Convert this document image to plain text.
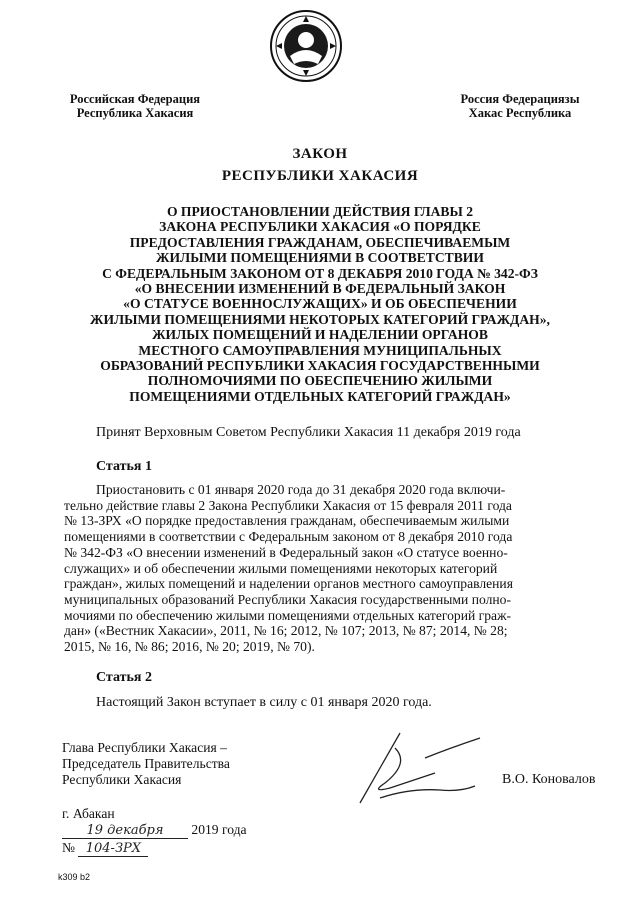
Российская Федерация
Республика Хакасия
Россия Федерациязы
Хакас Республика
ЗАКОН
РЕСПУБЛИКИ ХАКАСИЯ
О ПРИОСТАНОВЛЕНИИ ДЕЙСТВИЯ ГЛАВЫ 2
ЗАКОНА РЕСПУБЛИКИ ХАКАСИЯ «О ПОРЯДКЕ
ПРЕДОСТАВЛЕНИЯ ГРАЖДАНАМ, ОБЕСПЕЧИВАЕМЫМ
ЖИЛЫМИ ПОМЕЩЕНИЯМИ В СООТВЕТСТВИИ
С ФЕДЕРАЛЬНЫМ ЗАКОНОМ ОТ 8 ДЕКАБРЯ 2010 ГОДА № 342-ФЗ
«О ВНЕСЕНИИ ИЗМЕНЕНИЙ В ФЕДЕРАЛЬНЫЙ ЗАКОН
«О СТАТУСЕ ВОЕННОСЛУЖАЩИХ» И ОБ ОБЕСПЕЧЕНИИ
ЖИЛЫМИ ПОМЕЩЕНИЯМИ НЕКОТОРЫХ КАТЕГОРИЙ ГРАЖДАН»,
ЖИЛЫХ ПОМЕЩЕНИЙ И НАДЕЛЕНИИ ОРГАНОВ
МЕСТНОГО САМОУПРАВЛЕНИЯ МУНИЦИПАЛЬНЫХ
ОБРАЗОВАНИЙ РЕСПУБЛИКИ ХАКАСИЯ ГОСУДАРСТВЕННЫМИ
ПОЛНОМОЧИЯМИ ПО ОБЕСПЕЧЕНИЮ ЖИЛЫМИ
ПОМЕЩЕНИЯМИ ОТДЕЛЬНЫХ КАТЕГОРИЙ ГРАЖДАН»
Принят Верховным Советом Республики Хакасия 11 декабря 2019 года
Статья 1
Приостановить с 01 января 2020 года до 31 декабря 2020 года включи-
тельно действие главы 2 Закона Республики Хакасия от 15 февраля 2011 года
№ 13-ЗРХ «О порядке предоставления гражданам, обеспечиваемым жилыми
помещениями в соответствии с Федеральным законом от 8 декабря 2010 года
№ 342-ФЗ «О внесении изменений в Федеральный закон «О статусе военно-
служащих» и об обеспечении жилыми помещениями некоторых категорий
граждан», жилых помещений и наделении органов местного самоуправления
муниципальных образований Республики Хакасия государственными полно-
мочиями по обеспечению жилыми помещениями отдельных категорий граж-
дан» («Вестник Хакасии», 2011, № 16; 2012, № 107; 2013, № 87; 2014, № 28;
2015, № 16, № 86; 2016, № 20; 2019, № 70).
Статья 2
Настоящий Закон вступает в силу с 01 января 2020 года.
Глава Республики Хакасия –
Председатель Правительства
Республики Хакасия	В.О. Коновалов
г. Абакан
19 декабря 2019 года
№ 104-ЗРХ
k309 b2
